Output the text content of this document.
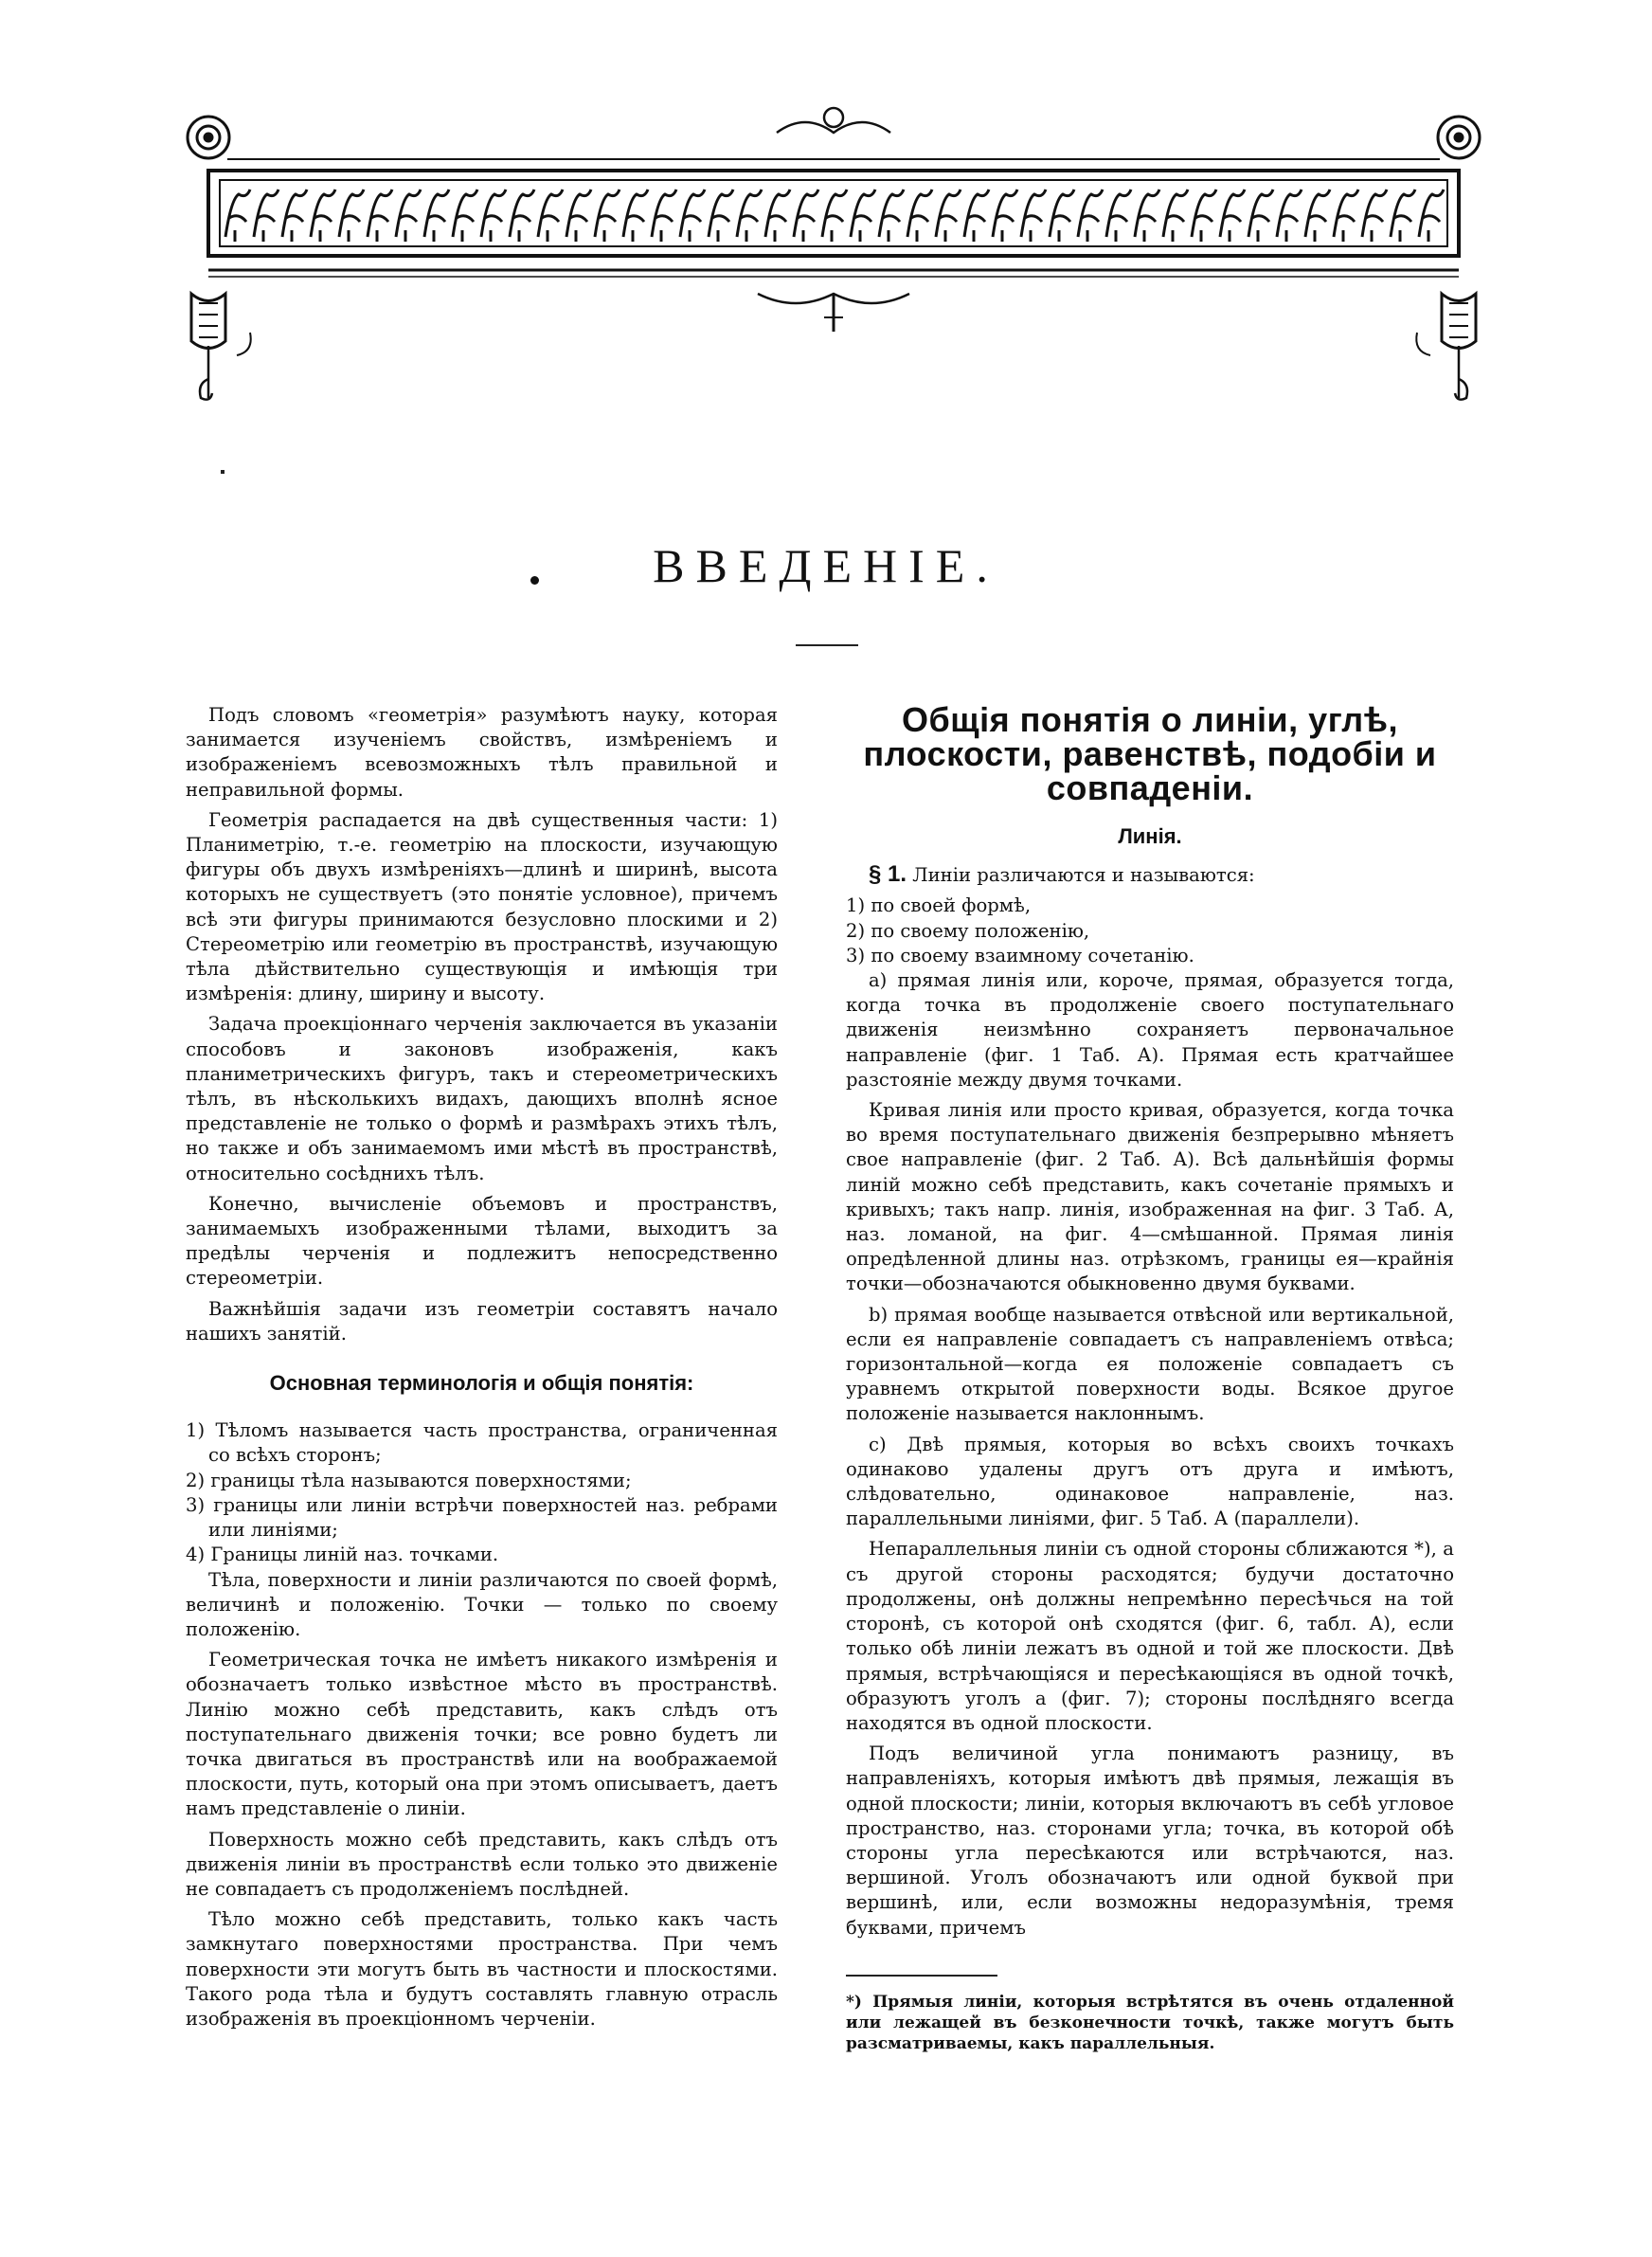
ВВЕДЕНІЕ.

Подъ словомъ «геометрія» разумѣютъ науку, которая занимается изученіемъ свойствъ, измѣреніемъ и изображеніемъ всевозможныхъ тѣлъ правильной и неправильной формы.

Геометрія распадается на двѣ существенныя части: 1) Планиметрію, т.-е. геометрію на плоскости, изучающую фигуры объ двухъ измѣреніяхъ—длинѣ и ширинѣ, высота которыхъ не существуетъ (это понятіе условное), причемъ всѣ эти фигуры принимаются безусловно плоскими и 2) Стереометрію или геометрію въ пространствѣ, изучающую тѣла дѣйствительно существующія и имѣющія три измѣренія: длину, ширину и высоту.

Задача проекціоннаго черченія заключается въ указаніи способовъ и законовъ изображенія, какъ планиметрическихъ фигуръ, такъ и стереометрическихъ тѣлъ, въ нѣсколькихъ видахъ, дающихъ вполнѣ ясное представленіе не только о формѣ и размѣрахъ этихъ тѣлъ, но также и объ занимаемомъ ими мѣстѣ въ пространствѣ, относительно сосѣднихъ тѣлъ.

Конечно, вычисленіе объемовъ и пространствъ, занимаемыхъ изображенными тѣлами, выходитъ за предѣлы черченія и подлежитъ непосредственно стереометріи.

Важнѣйшія задачи изъ геометріи составятъ начало нашихъ занятій.

Основная терминологія и общія понятія:

1) Тѣломъ называется часть пространства, ограниченная со всѣхъ сторонъ;

2) границы тѣла называются поверхностями;

3) границы или линіи встрѣчи поверхностей наз. ребрами или линіями;

4) Границы линій наз. точками.

Тѣла, поверхности и линіи различаются по своей формѣ, величинѣ и положенію. Точки — только по своему положенію.

Геометрическая точка не имѣетъ никакого измѣренія и обозначаетъ только извѣстное мѣсто въ пространствѣ. Линію можно себѣ представить, какъ слѣдъ отъ поступательнаго движенія точки; все ровно будетъ ли точка двигаться въ пространствѣ или на воображаемой плоскости, путь, который она при этомъ описываетъ, даетъ намъ представленіе о линіи.

Поверхность можно себѣ представить, какъ слѣдъ отъ движенія линіи въ пространствѣ если только это движеніе не совпадаетъ съ продолженіемъ послѣдней.

Тѣло можно себѣ представить, только какъ часть замкнутаго поверхностями пространства. При чемъ поверхности эти могутъ быть въ частности и плоскостями. Такого рода тѣла и будутъ составлять главную отрасль изображенія въ проекціонномъ черченіи.

Общія понятія о линіи, углѣ, плоскости, равенствѣ, подобіи и совпаденіи.
Линія.

§ 1. Линіи различаются и называются:

1) по своей формѣ,

2) по своему положенію,

3) по своему взаимному сочетанію.

a) прямая линія или, короче, прямая, образуется тогда, когда точка въ продолженіе своего поступательнаго движенія неизмѣнно сохраняетъ первоначальное направленіе (фиг. 1 Таб. А). Прямая есть кратчайшее разстояніе между двумя точками.

Кривая линія или просто кривая, образуется, когда точка во время поступательнаго движенія безпрерывно мѣняетъ свое направленіе (фиг. 2 Таб. А). Всѣ дальнѣйшія формы линій можно себѣ представить, какъ сочетаніе прямыхъ и кривыхъ; такъ напр. линія, изображенная на фиг. 3 Таб. А, наз. ломаной, на фиг. 4—смѣшанной. Прямая линія опредѣленной длины наз. отрѣзкомъ, границы ея—крайнія точки—обозначаются обыкновенно двумя буквами.

b) прямая вообще называется отвѣсной или вертикальной, если ея направленіе совпадаетъ съ направленіемъ отвѣса; горизонтальной—когда ея положеніе совпадаетъ съ уравнемъ открытой поверхности воды. Всякое другое положеніе называется наклоннымъ.

c) Двѣ прямыя, которыя во всѣхъ своихъ точкахъ одинаково удалены другъ отъ друга и имѣютъ, слѣдовательно, одинаковое направленіе, наз. параллельными линіями, фиг. 5 Таб. А (параллели).

Непараллельныя линіи съ одной стороны сближаются *), а съ другой стороны расходятся; будучи достаточно продолжены, онѣ должны непремѣнно пересѣчься на той сторонѣ, съ которой онѣ сходятся (фиг. 6, табл. А), если только обѣ линіи лежатъ въ одной и той же плоскости. Двѣ прямыя, встрѣчающіяся и пересѣкающіяся въ одной точкѣ, образуютъ уголъ a (фиг. 7); стороны послѣдняго всегда находятся въ одной плоскости.

Подъ величиной угла понимаютъ разницу, въ направленіяхъ, которыя имѣютъ двѣ прямыя, лежащія въ одной плоскости; линіи, которыя включаютъ въ себѣ угловое пространство, наз. сторонами угла; точка, въ которой обѣ стороны угла пересѣкаются или встрѣчаются, наз. вершиной. Уголъ обозначаютъ или одной буквой при вершинѣ, или, если возможны недоразумѣнія, тремя буквами, причемъ

*) Прямыя линіи, которыя встрѣтятся въ очень отдаленной или лежащей въ безконечности точкѣ, также могутъ быть разсматриваемы, какъ параллельныя.
